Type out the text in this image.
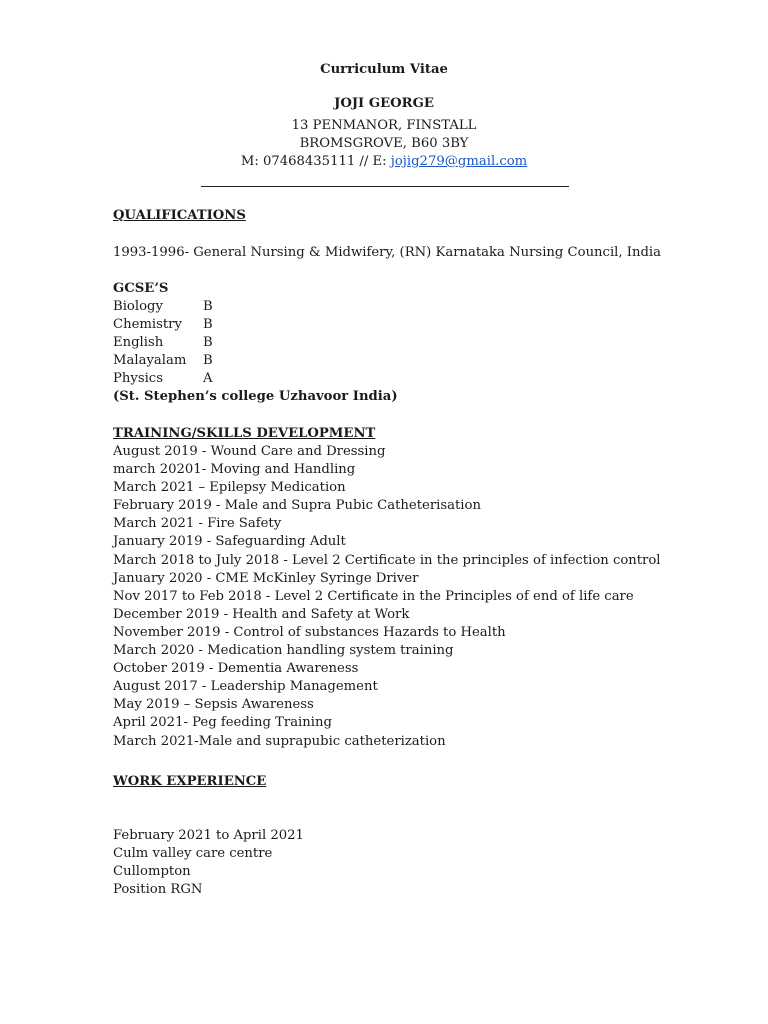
Curriculum Vitae
JOJI GEORGE
13 PENMANOR, FINSTALL
BROMSGROVE, B60 3BY
M: 07468435111 // E: jojig279@gmail.com
QUALIFICATIONS
1993-1996- General Nursing & Midwifery, (RN) Karnataka Nursing Council, India
GCSE’S
Biology	B
Chemistry B
English	B
Malayalam B
Physics	A
(St. Stephen’s college Uzhavoor India)
TRAINING/SKILLS DEVELOPMENT
August 2019 - Wound Care and Dressing
march 20201- Moving and Handling
March 2021 – Epilepsy Medication
February 2019 - Male and Supra Pubic Catheterisation
March 2021 - Fire Safety
January 2019 - Safeguarding Adult
March 2018 to July 2018 - Level 2 Certificate in the principles of infection control
January 2020 - CME McKinley Syringe Driver
Nov 2017 to Feb 2018 - Level 2 Certificate in the Principles of end of life care
December 2019 - Health and Safety at Work
November 2019 - Control of substances Hazards to Health
March 2020 - Medication handling system training
October 2019 - Dementia Awareness
August 2017 - Leadership Management
May 2019 – Sepsis Awareness
April 2021- Peg feeding Training
March 2021-Male and suprapubic catheterization
WORK EXPERIENCE
February 2021 to April 2021
Culm valley care centre
Cullompton
Position RGN
